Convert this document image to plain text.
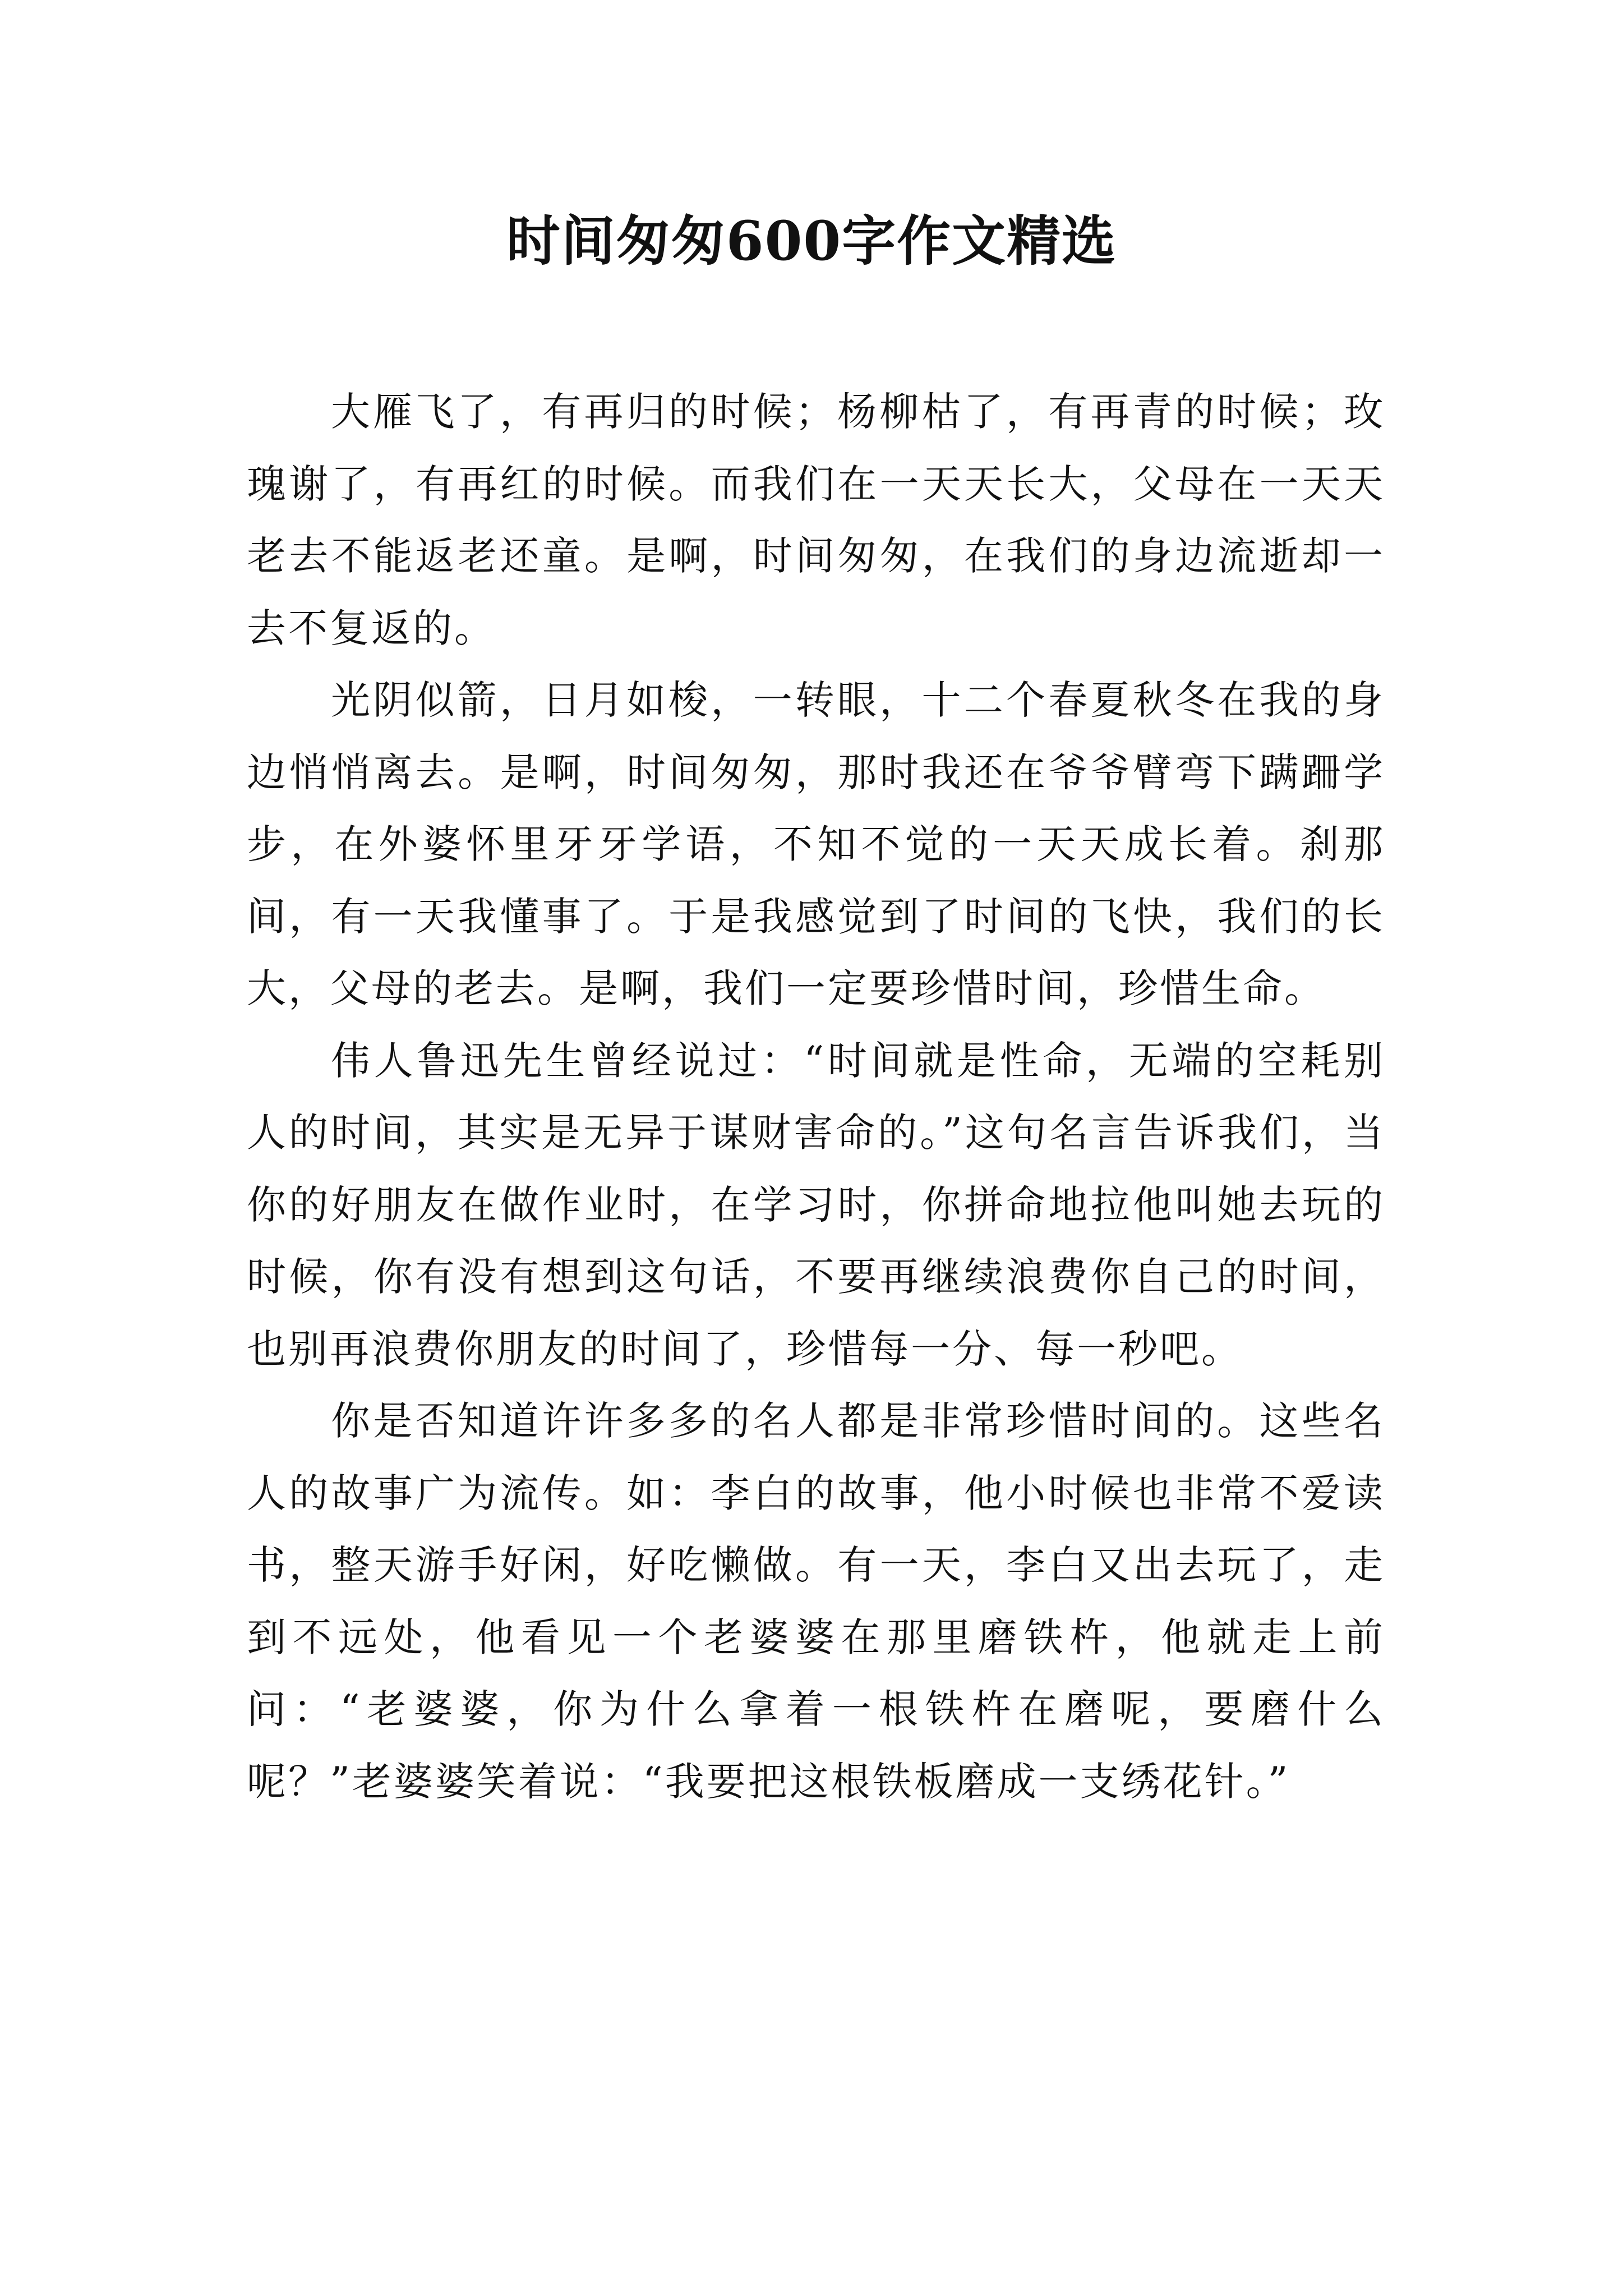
时间匆匆600字作文精选

大雁飞了，有再归的时候；杨柳枯了，有再青的时候；玫瑰谢了，有再红的时候。而我们在一天天长大，父母在一天天老去不能返老还童。是啊，时间匆匆，在我们的身边流逝却一去不复返的。

光阴似箭，日月如梭，一转眼，十二个春夏秋冬在我的身边悄悄离去。是啊，时间匆匆，那时我还在爷爷臂弯下蹒跚学步，在外婆怀里牙牙学语，不知不觉的一天天成长着。刹那间，有一天我懂事了。于是我感觉到了时间的飞快，我们的长大，父母的老去。是啊，我们一定要珍惜时间，珍惜生命。

伟人鲁迅先生曾经说过：“时间就是性命，无端的空耗别人的时间，其实是无异于谋财害命的。”这句名言告诉我们，当你的好朋友在做作业时，在学习时，你拼命地拉他叫她去玩的时候，你有没有想到这句话，不要再继续浪费你自己的时间，也别再浪费你朋友的时间了，珍惜每一分、每一秒吧。

你是否知道许许多多的名人都是非常珍惜时间的。这些名人的故事广为流传。如：李白的故事，他小时候也非常不爱读书，整天游手好闲，好吃懒做。有一天，李白又出去玩了，走到不远处，他看见一个老婆婆在那里磨铁杵，他就走上前问：“老婆婆，你为什么拿着一根铁杵在磨呢，要磨什么呢？”老婆婆笑着说：“我要把这根铁板磨成一支绣花针。”
